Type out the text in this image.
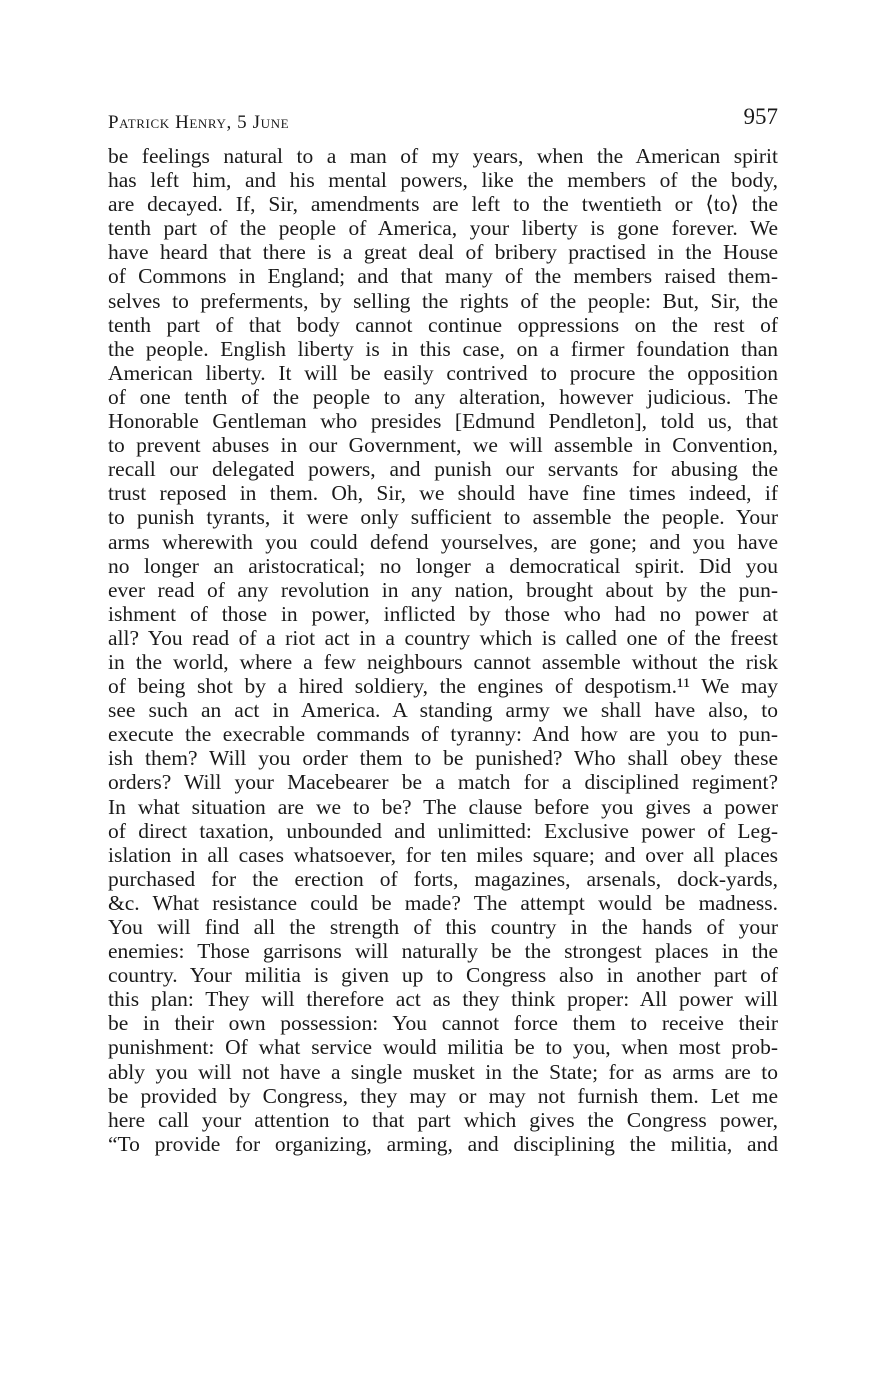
Patrick Henry, 5 June	957
be feelings natural to a man of my years, when the American spirit
has left him, and his mental powers, like the members of the body,
are decayed. If, Sir, amendments are left to the twentieth or ⟨to⟩ the
tenth part of the people of America, your liberty is gone forever. We
have heard that there is a great deal of bribery practised in the House
of Commons in England; and that many of the members raised them-
selves to preferments, by selling the rights of the people: But, Sir, the
tenth part of that body cannot continue oppressions on the rest of
the people. English liberty is in this case, on a firmer foundation than
American liberty. It will be easily contrived to procure the opposition
of one tenth of the people to any alteration, however judicious. The
Honorable Gentleman who presides [Edmund Pendleton], told us, that
to prevent abuses in our Government, we will assemble in Convention,
recall our delegated powers, and punish our servants for abusing the
trust reposed in them. Oh, Sir, we should have fine times indeed, if
to punish tyrants, it were only sufficient to assemble the people. Your
arms wherewith you could defend yourselves, are gone; and you have
no longer an aristocratical; no longer a democratical spirit. Did you
ever read of any revolution in any nation, brought about by the pun-
ishment of those in power, inflicted by those who had no power at
all? You read of a riot act in a country which is called one of the freest
in the world, where a few neighbours cannot assemble without the risk
of being shot by a hired soldiery, the engines of despotism.¹¹ We may
see such an act in America. A standing army we shall have also, to
execute the execrable commands of tyranny: And how are you to pun-
ish them? Will you order them to be punished? Who shall obey these
orders? Will your Macebearer be a match for a disciplined regiment?
In what situation are we to be? The clause before you gives a power
of direct taxation, unbounded and unlimitted: Exclusive power of Leg-
islation in all cases whatsoever, for ten miles square; and over all places
purchased for the erection of forts, magazines, arsenals, dock-yards,
&c. What resistance could be made? The attempt would be madness.
You will find all the strength of this country in the hands of your
enemies: Those garrisons will naturally be the strongest places in the
country. Your militia is given up to Congress also in another part of
this plan: They will therefore act as they think proper: All power will
be in their own possession: You cannot force them to receive their
punishment: Of what service would militia be to you, when most prob-
ably you will not have a single musket in the State; for as arms are to
be provided by Congress, they may or may not furnish them. Let me
here call your attention to that part which gives the Congress power,
“To provide for organizing, arming, and disciplining the militia, and
